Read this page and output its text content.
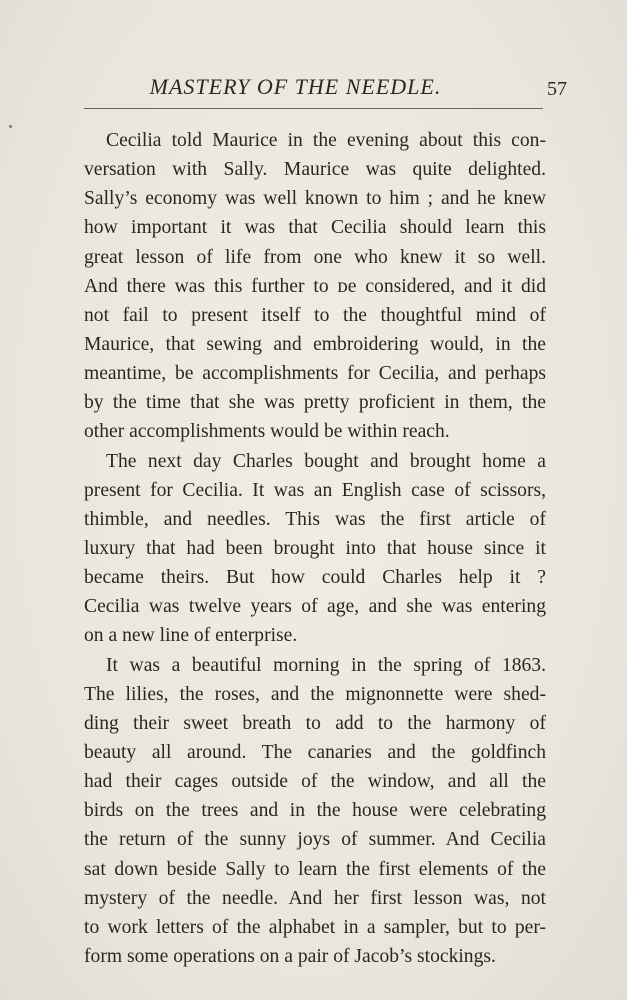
MASTERY OF THE NEEDLE.	57
Cecilia told Maurice in the evening about this con-
versation with Sally. Maurice was quite delighted.
Sally’s economy was well known to him ; and he knew
how important it was that Cecilia should learn this
great lesson of life from one who knew it so well.
And there was this further to ᴅe considered, and it did
not fail to present itself to the thoughtful mind of
Maurice, that sewing and embroidering would, in the
meantime, be accomplishments for Cecilia, and perhaps
by the time that she was pretty proficient in them, the
other accomplishments would be within reach.
The next day Charles bought and brought home a
present for Cecilia. It was an English case of scissors,
thimble, and needles. This was the first article of
luxury that had been brought into that house since it
became theirs. But how could Charles help it ?
Cecilia was twelve years of age, and she was entering
on a new line of enterprise.
It was a beautiful morning in the spring of 1863.
The lilies, the roses, and the mignonnette were shed-
ding their sweet breath to add to the harmony of
beauty all around. The canaries and the goldfinch
had their cages outside of the window, and all the
birds on the trees and in the house were celebrating
the return of the sunny joys of summer. And Cecilia
sat down beside Sally to learn the first elements of the
mystery of the needle. And her first lesson was, not
to work letters of the alphabet in a sampler, but to per-
form some operations on a pair of Jacob’s stockings.
